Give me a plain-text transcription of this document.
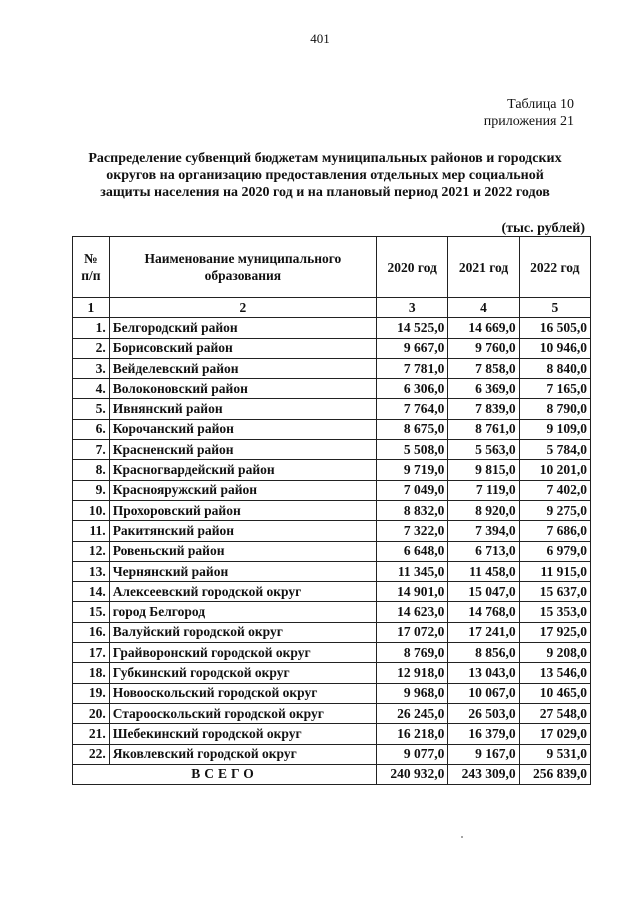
401
Таблица 10
приложения 21
Распределение субвенций бюджетам муниципальных районов и городских
округов на организацию предоставления отдельных мер социальной
защиты населения на 2020 год и на плановый период 2021 и 2022 годов
(тыс. рублей)
№
п/п	Наименование муниципального образования	2020 год	2021 год	2022 год
1	2	3	4	5
1.	Белгородский район	14 525,0	14 669,0	16 505,0
2.	Борисовский район	9 667,0	9 760,0	10 946,0
3.	Вейделевский район	7 781,0	7 858,0	8 840,0
4.	Волоконовский район	6 306,0	6 369,0	7 165,0
5.	Ивнянский район	7 764,0	7 839,0	8 790,0
6.	Корочанский район	8 675,0	8 761,0	9 109,0
7.	Красненский район	5 508,0	5 563,0	5 784,0
8.	Красногвардейский район	9 719,0	9 815,0	10 201,0
9.	Краснояружский район	7 049,0	7 119,0	7 402,0
10.	Прохоровский район	8 832,0	8 920,0	9 275,0
11.	Ракитянский район	7 322,0	7 394,0	7 686,0
12.	Ровеньский район	6 648,0	6 713,0	6 979,0
13.	Чернянский район	11 345,0	11 458,0	11 915,0
14.	Алексеевский городской округ	14 901,0	15 047,0	15 637,0
15.	город Белгород	14 623,0	14 768,0	15 353,0
16.	Валуйский городской округ	17 072,0	17 241,0	17 925,0
17.	Грайворонский городской округ	8 769,0	8 856,0	9 208,0
18.	Губкинский городской округ	12 918,0	13 043,0	13 546,0
19.	Новооскольский городской округ	9 968,0	10 067,0	10 465,0
20.	Старооскольский городской округ	26 245,0	26 503,0	27 548,0
21.	Шебекинский городской округ	16 218,0	16 379,0	17 029,0
22.	Яковлевский городской округ	9 077,0	9 167,0	9 531,0
ВСЕГО		240 932,0	243 309,0	256 839,0
